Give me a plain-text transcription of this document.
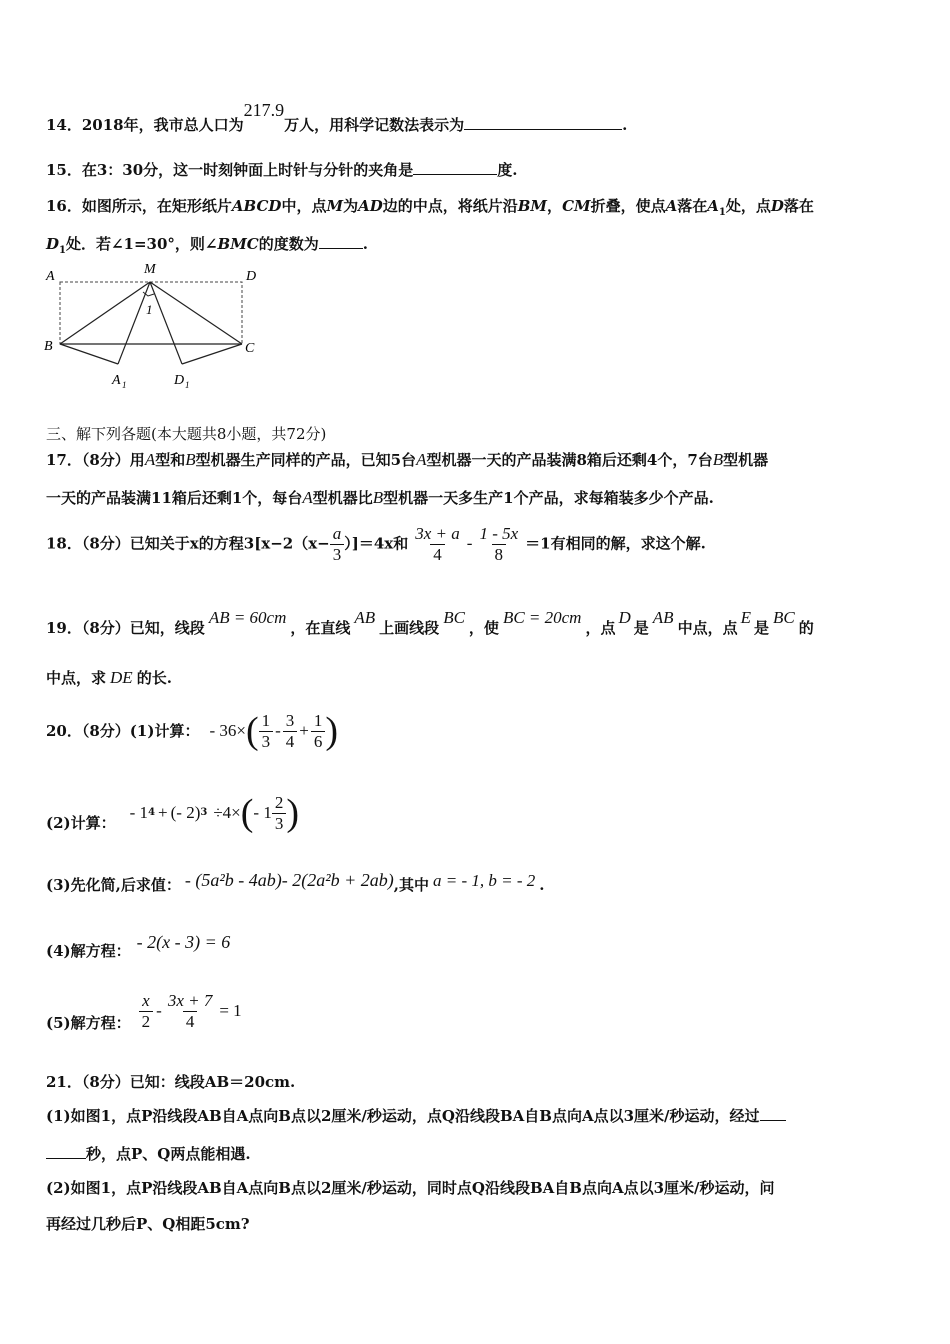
14．2018年，我市总人口为217.9万人，用科学记数法表示为	.
15．在3：30分，这一时刻钟面上时针与分针的夹角是	度.
16．如图所示，在矩形纸片ABCD中，点M为AD边的中点，将纸片沿BM，CM折叠，使点A落在$A_1$处，点D落在
$D_1$处．若∠1=30°，则∠BMC的度数为	.
A	M	D
B	C
A 1	D 1
1
三、解下列各题(本大题共8小题，共72分)
17．（8分）用A型和B型机器生产同样的产品，已知5台A型机器一天的产品装满8箱后还剩4个，7台B型机器
一天的产品装满11箱后还剩1个，每台A型机器比B型机器一天多生产1个产品，求每箱装多少个产品.
18．（8分）已知关于x的方程$3[x-2(x- \frac{a}{3} )]=4x$和 $\frac{3x + a}{4} - \frac{1 - 5x}{8} =1$有相同的解，求这个解.
19．（8分）已知，线段AB = 60cm，在直线AB上画线段BC，使BC = 20cm，点D是AB中点，点E是BC的
中点，求 DE 的长.
20．（8分）(1)计算： - 36× ( $\frac{1}{3} - \frac{3}{4} + \frac{1}{6}$ )
(2)计算：
- 1 4 + (- 2) 3 ÷4× ( - $1 \frac{2}{3}$ )
(3)先化简,后求值： - (5a²b - 4ab)- 2(2a²b + 2ab),其中 a = - 1, b = - 2 .
(4)解方程： - 2(x - 3) = 6
(5)解方程： $\frac{x}{2} - \frac{3x + 7}{4} = 1$
21．（8分）已知：线段AB＝20cm.
(1)如图1，点P沿线段AB自A点向B点以2厘米/秒运动，点Q沿线段BA自B点向A点以3厘米/秒运动，经过
秒，点P、Q两点能相遇.
(2)如图1，点P沿线段AB自A点向B点以2厘米/秒运动，同时点Q沿线段BA自B点向A点以3厘米/秒运动，问
再经过几秒后P、Q相距5cm?
